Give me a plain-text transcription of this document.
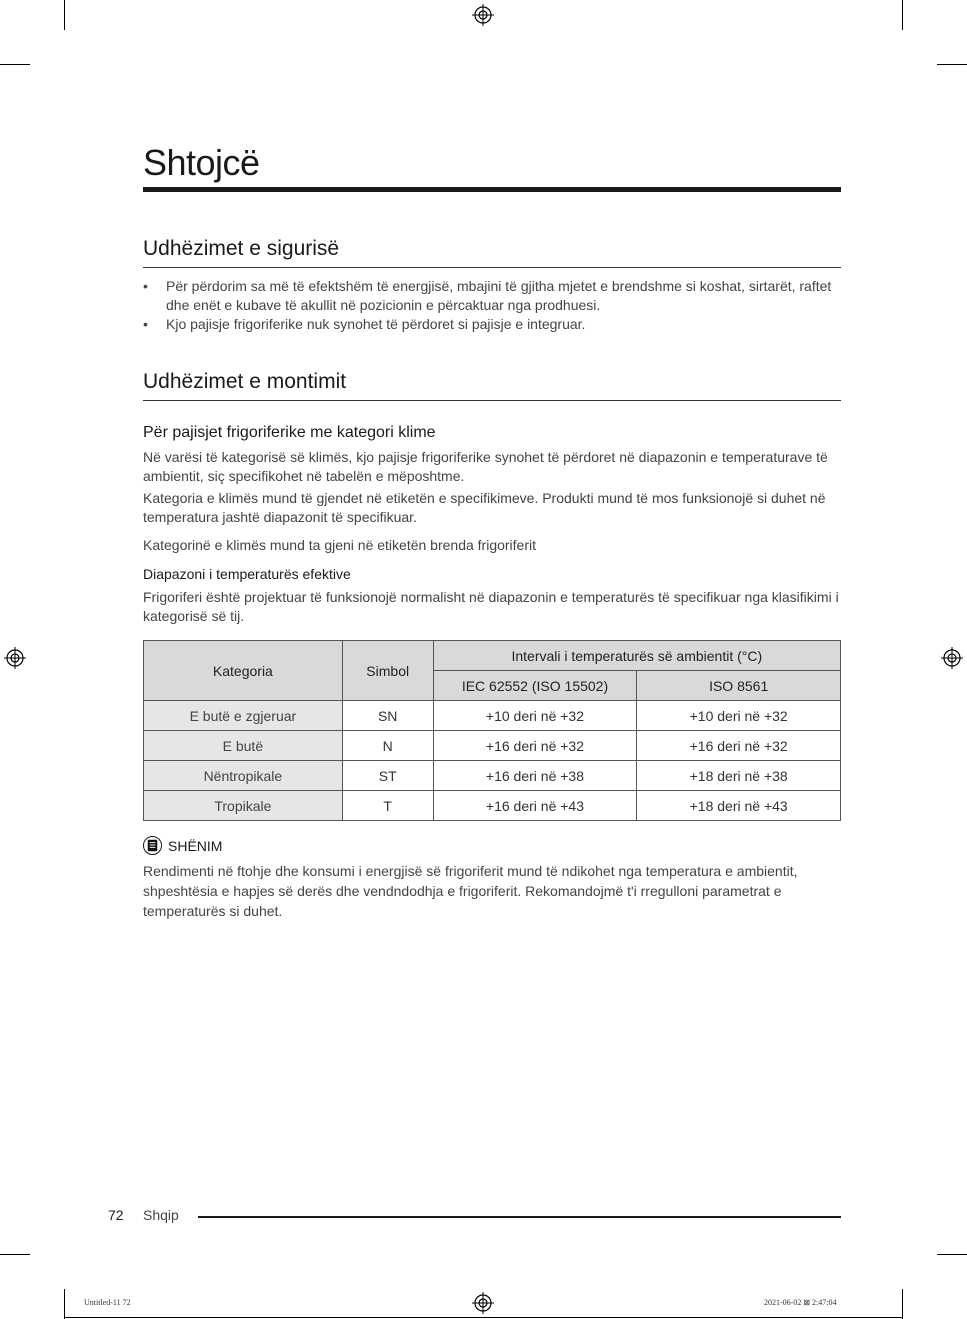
Shtojcë
Udhëzimet e sigurisë
• Për përdorim sa më të efektshëm të energjisë, mbajini të gjitha mjetet e brendshme si koshat, sirtarët, raftet dhe enët e kubave të akullit në pozicionin e përcaktuar nga prodhuesi.
• Kjo pajisje frigoriferike nuk synohet të përdoret si pajisje e integruar.
Udhëzimet e montimit
Për pajisjet frigoriferike me kategori klime
Në varësi të kategorisë së klimës, kjo pajisje frigoriferike synohet të përdoret në diapazonin e temperaturave të ambientit, siç specifikohet në tabelën e mëposhtme.
Kategoria e klimës mund të gjendet në etiketën e specifikimeve. Produkti mund të mos funksionojë si duhet në temperatura jashtë diapazonit të specifikuar.
Kategorinë e klimës mund ta gjeni në etiketën brenda frigoriferit
Diapazoni i temperaturës efektive
Frigoriferi është projektuar të funksionojë normalisht në diapazonin e temperaturës të specifikuar nga klasifikimi i kategorisë së tij.
Kategoria	Simbol	Intervali i temperaturës së ambientit (°C)	
		IEC 62552 (ISO 15502)	ISO 8561
E butë e zgjeruar	SN	+10 deri në +32	+10 deri në +32
E butë	N	+16 deri në +32	+16 deri në +32
Nëntropikale	ST	+16 deri në +38	+18 deri në +38
Tropikale	T	+16 deri në +43	+18 deri në +43
SHËNIM
Rendimenti në ftohje dhe konsumi i energjisë së frigoriferit mund të ndikohet nga temperatura e ambientit, shpeshtësia e hapjes së derës dhe vendndodhja e frigoriferit. Rekomandojmë t'i rregulloni parametrat e temperaturës si duhet.
72 Shqip
Untitled-11 72	2021-06-02 ⊠ 2:47:04
